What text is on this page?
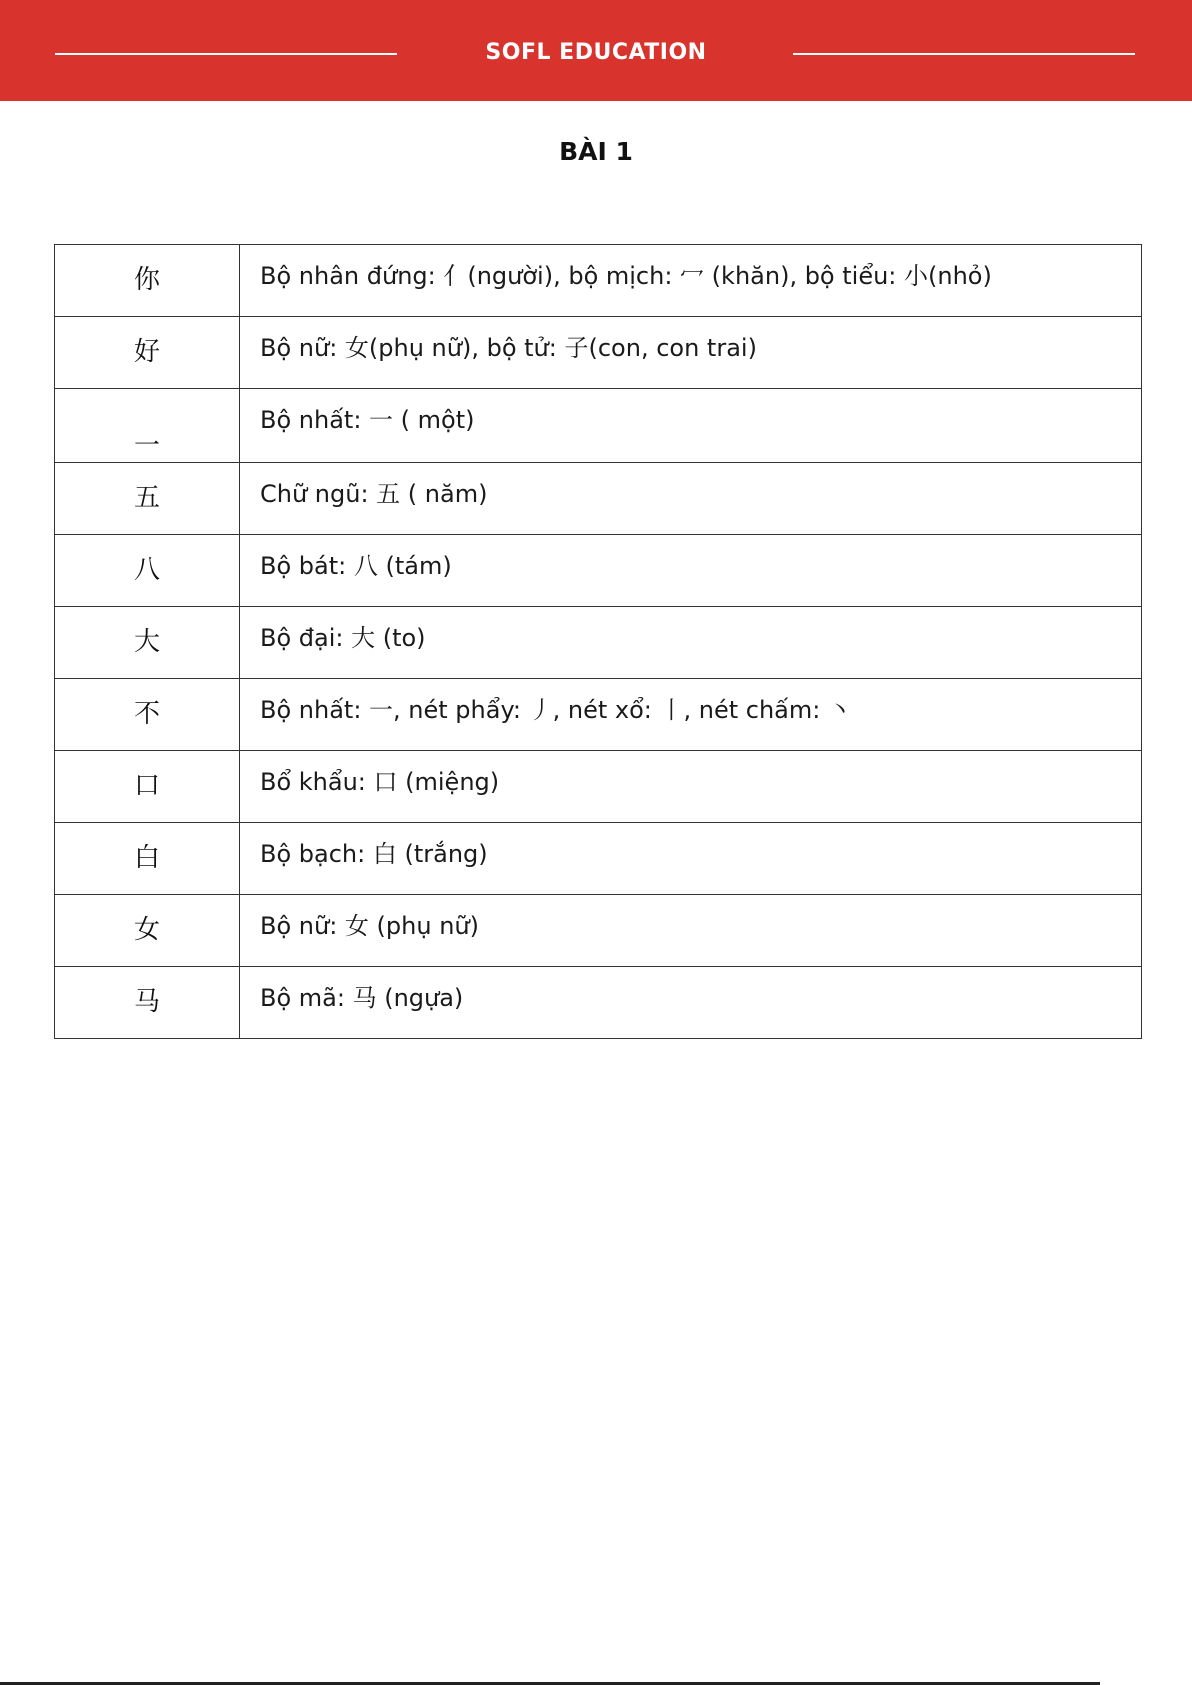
SOFL EDUCATION
BÀI 1
你	Bộ nhân đứng: 亻(người), bộ mịch: 冖 (khăn), bộ tiểu: 小(nhỏ)
好	Bộ nữ: 女(phụ nữ), bộ tử: 子(con, con trai)
一	Bộ nhất: 一 ( một)
五	Chữ ngũ: 五 ( năm)
八	Bộ bát: 八 (tám)
大	Bộ đại: 大 (to)
不	Bộ nhất: 一, nét phẩy: 丿, nét xổ: 丨, nét chấm: 丶
口	Bổ khẩu: 口 (miệng)
白	Bộ bạch: 白 (trắng)
女	Bộ nữ: 女 (phụ nữ)
马	Bộ mã: 马 (ngựa)
